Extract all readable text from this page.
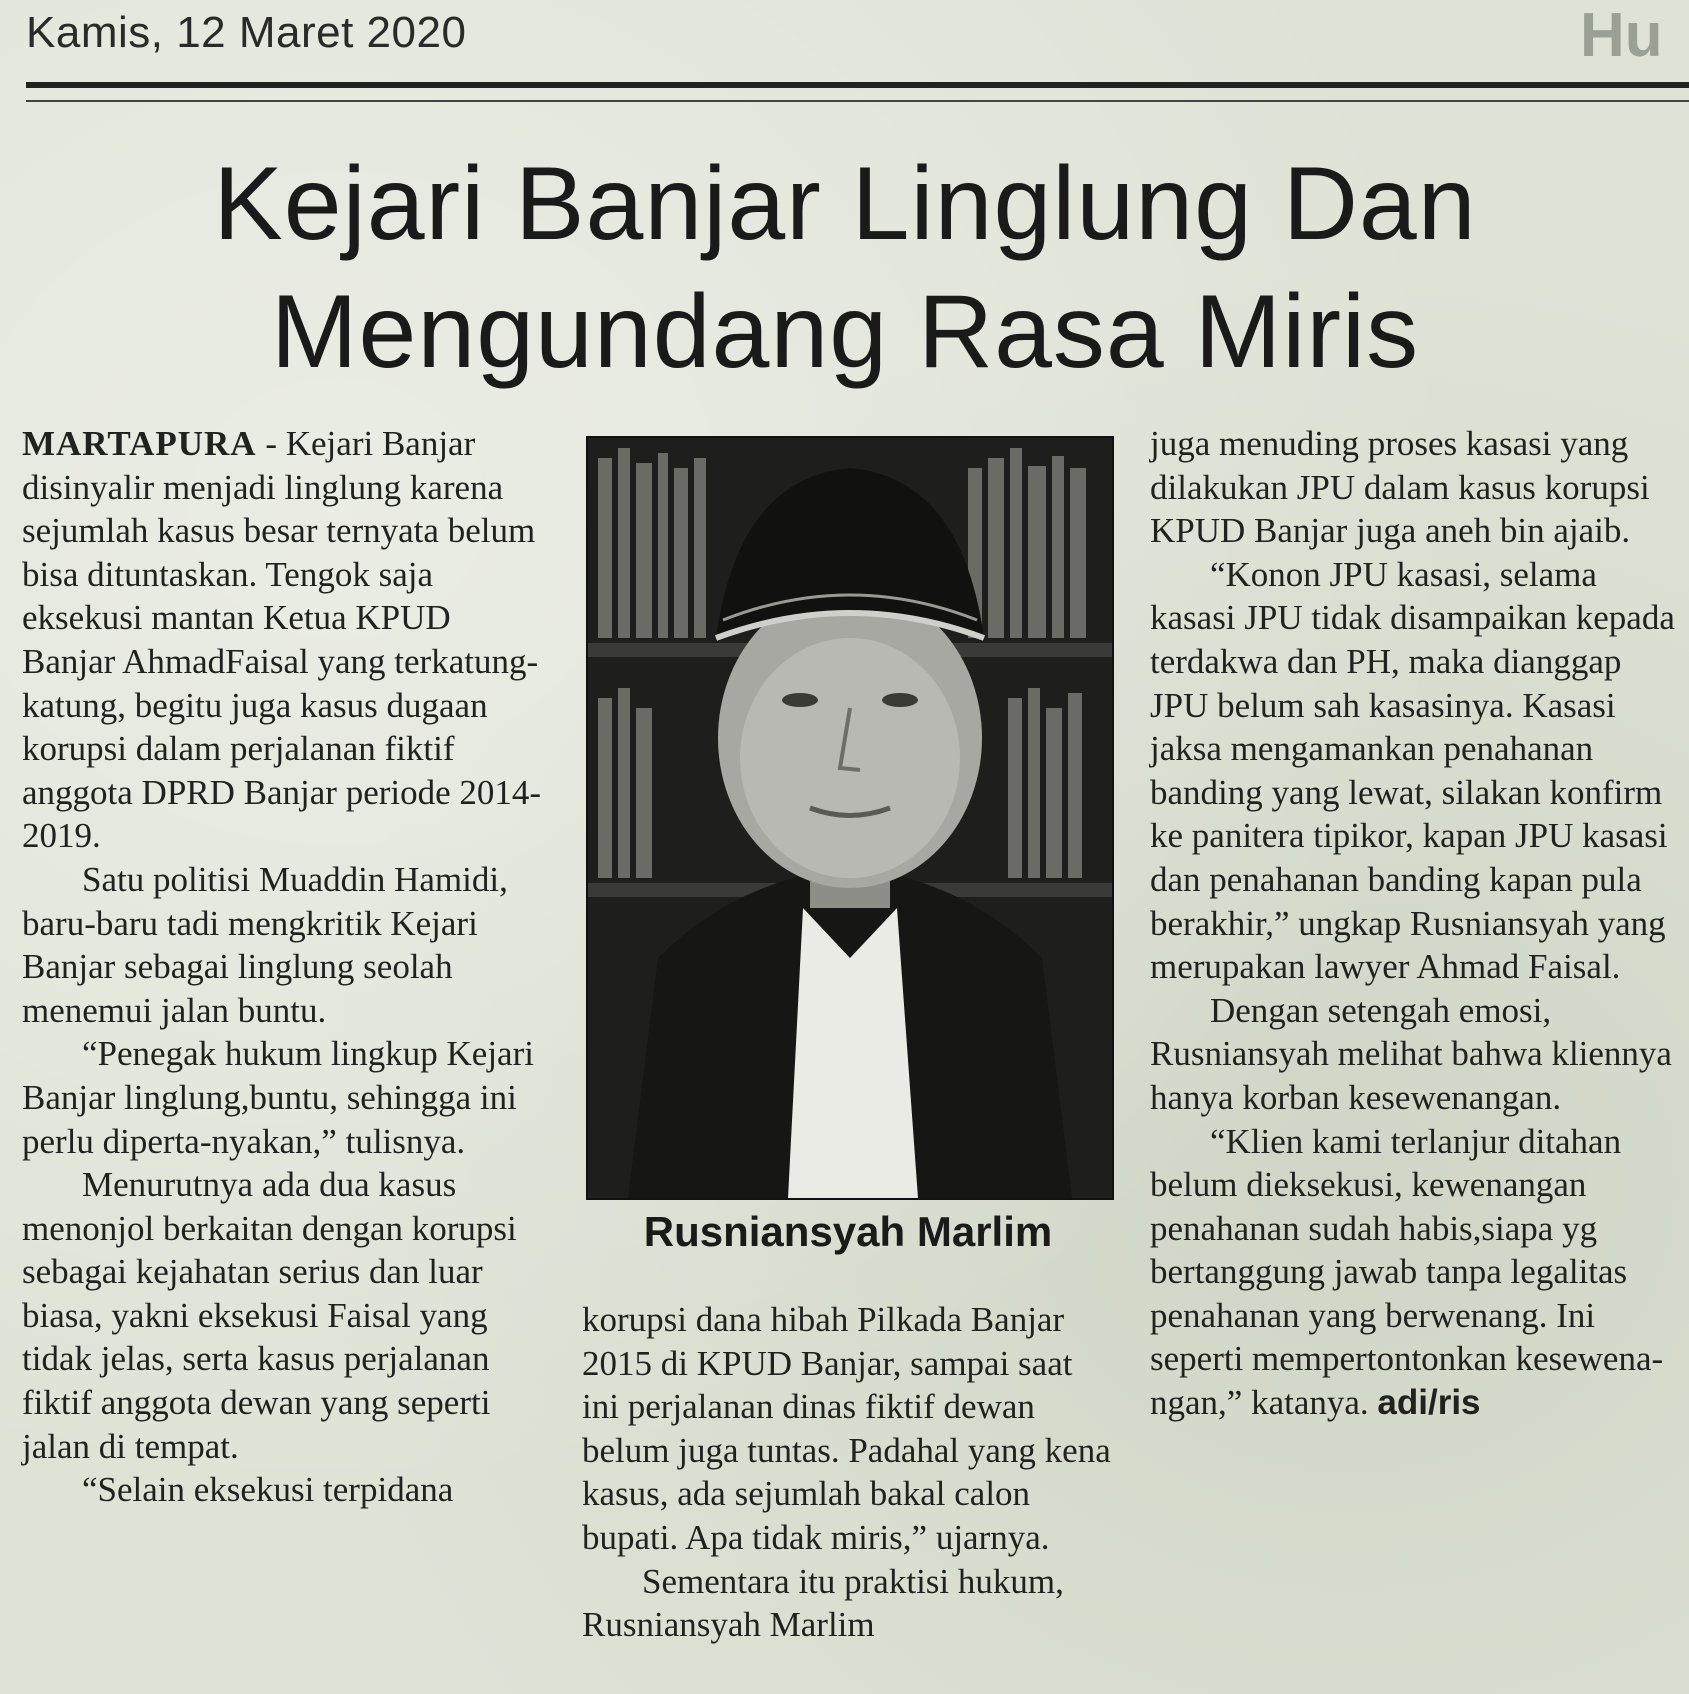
Kamis, 12 Maret 2020	Hu
Kejari Banjar Linglung Dan
Mengundang Rasa Miris

MARTAPURA - Kejari Banjar disinyalir menjadi linglung karena sejumlah kasus besar ternyata belum bisa dituntaskan. Tengok saja eksekusi mantan Ketua KPUD Banjar AhmadFaisal yang terkatung-katung, begitu juga kasus dugaan korupsi dalam perjalanan fiktif anggota DPRD Banjar periode 2014-2019.

Satu politisi Muaddin Hamidi, baru-baru tadi mengkritik Kejari Banjar sebagai linglung seolah menemui jalan buntu.

“Penegak hukum lingkup Kejari Banjar linglung,buntu, sehingga ini perlu diperta-nyakan,” tulisnya.

Menurutnya ada dua kasus menonjol berkaitan dengan korupsi sebagai kejahatan serius dan luar biasa, yakni eksekusi Faisal yang tidak jelas, serta kasus perjalanan fiktif anggota dewan yang seperti jalan di tempat.

“Selain eksekusi terpidana

Rusniansyah Marlim

korupsi dana hibah Pilkada Banjar 2015 di KPUD Banjar, sampai saat ini perjalanan dinas fiktif dewan belum juga tuntas. Padahal yang kena kasus, ada sejumlah bakal calon bupati. Apa tidak miris,” ujarnya.

Sementara itu praktisi hukum, Rusniansyah Marlim

juga menuding proses kasasi yang dilakukan JPU dalam kasus korupsi KPUD Banjar juga aneh bin ajaib.

“Konon JPU kasasi, selama kasasi JPU tidak disampaikan kepada terdakwa dan PH, maka dianggap JPU belum sah kasasinya. Kasasi jaksa mengamankan penahanan banding yang lewat, silakan konfirm ke panitera tipikor, kapan JPU kasasi dan penahanan banding kapan pula berakhir,” ungkap Rusniansyah yang merupakan lawyer Ahmad Faisal.

Dengan setengah emosi, Rusniansyah melihat bahwa kliennya hanya korban kesewenangan.

“Klien kami terlanjur ditahan belum dieksekusi, kewenangan penahanan sudah habis,siapa yg bertanggung jawab tanpa legalitas penahanan yang berwenang. Ini seperti mempertontonkan kesewena-ngan,” katanya. adi/ris
